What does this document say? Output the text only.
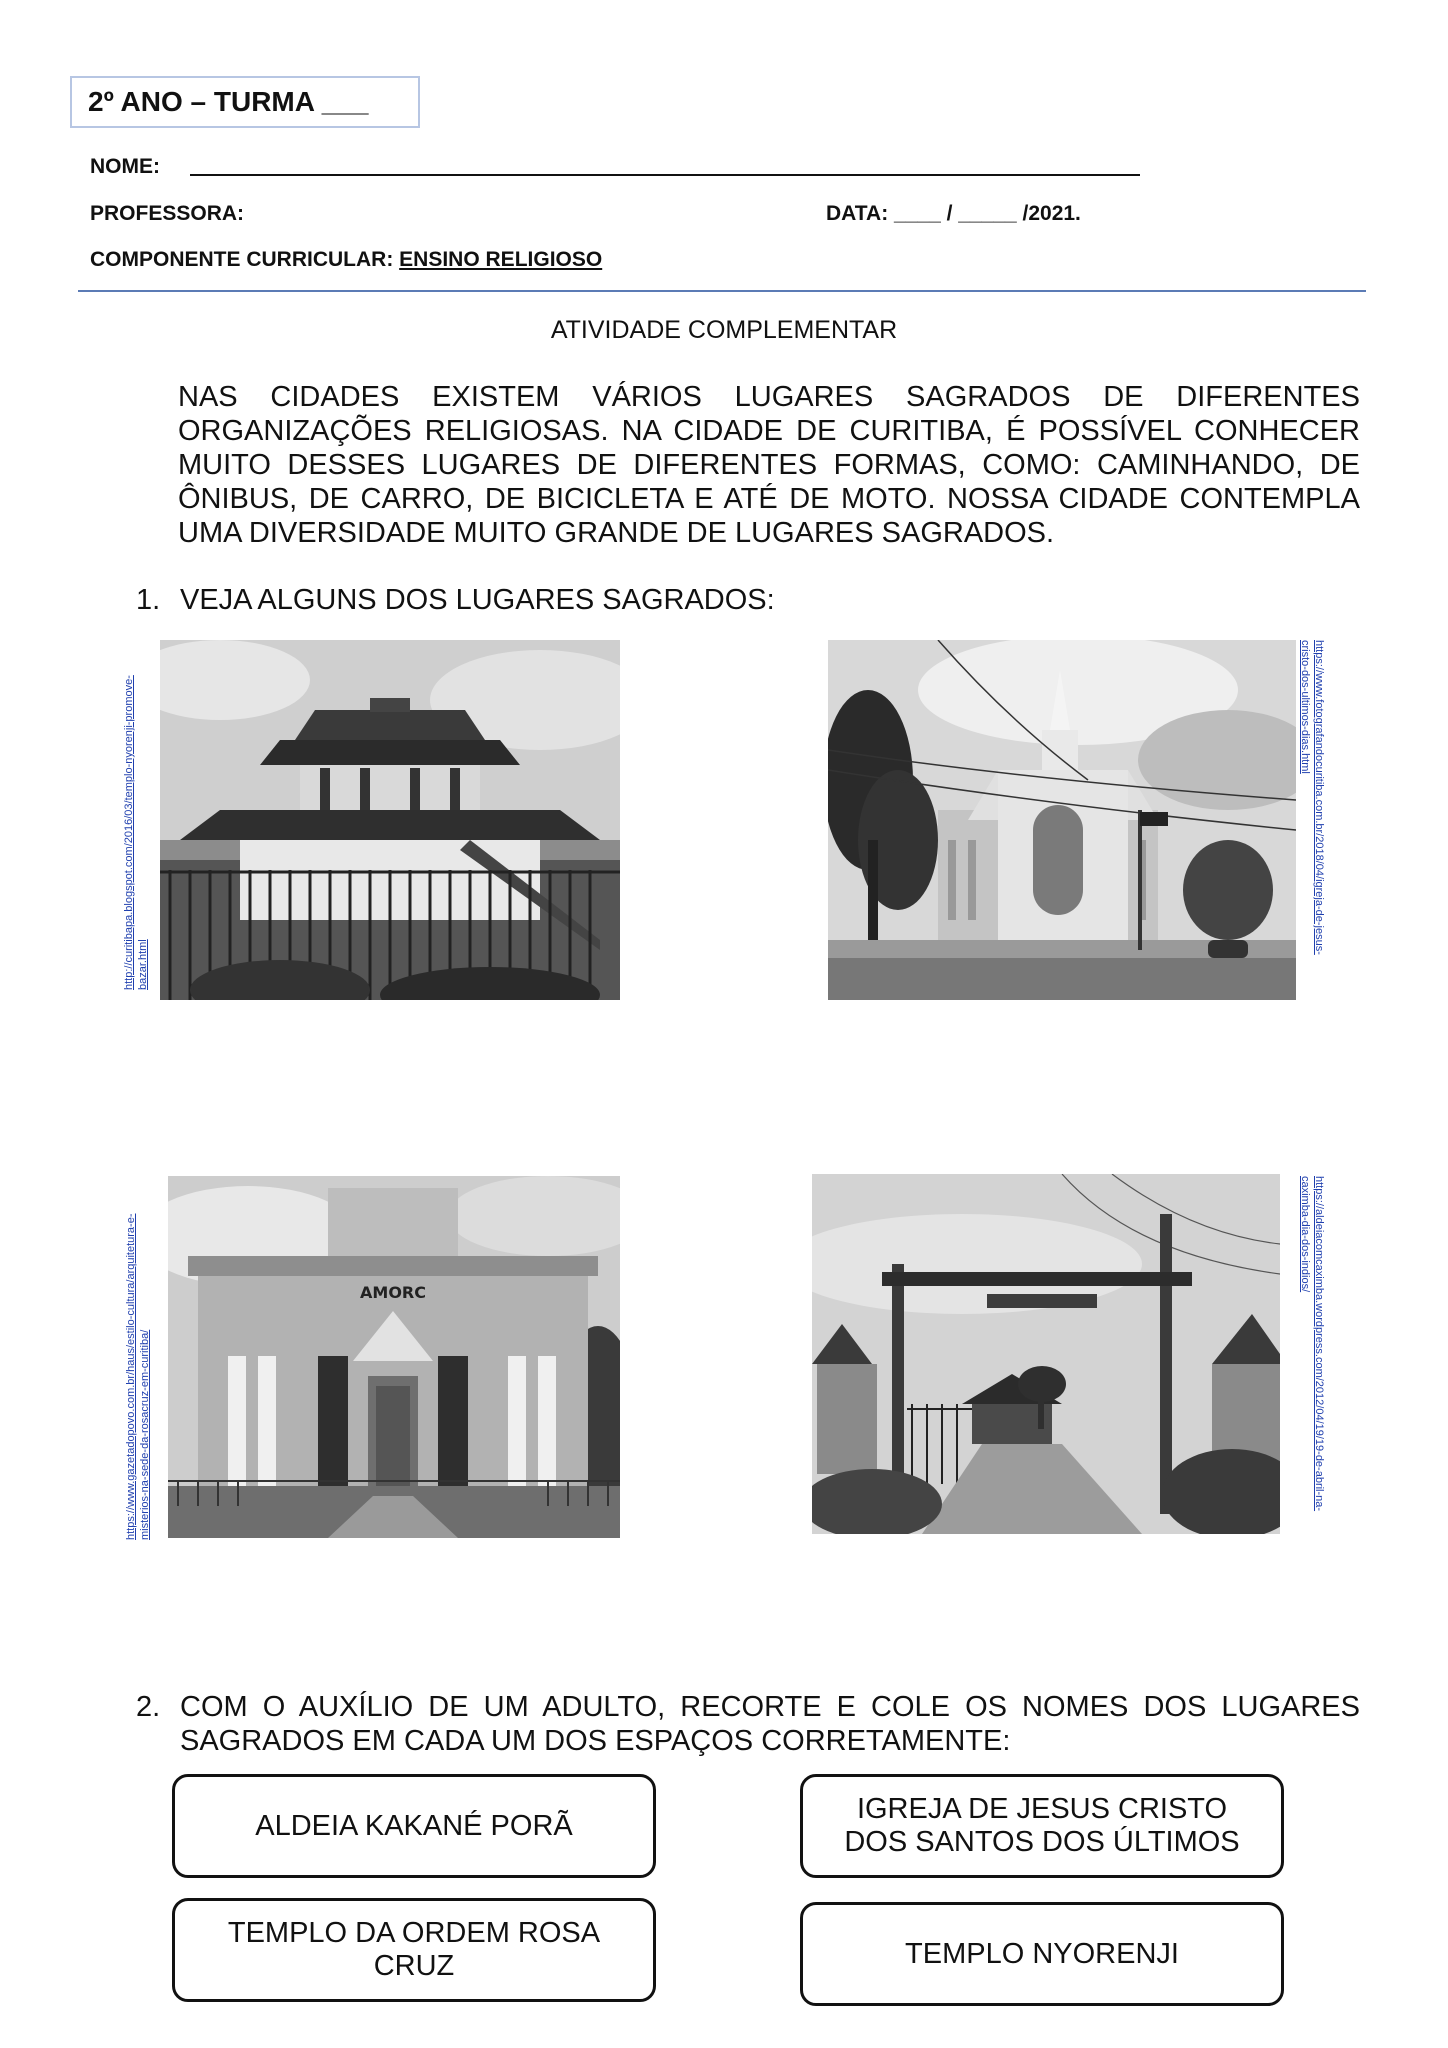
2º ANO – TURMA ___
NOME:
PROFESSORA:	DATA: ____ / _____ /2021.
COMPONENTE CURRICULAR: ENSINO RELIGIOSO
ATIVIDADE COMPLEMENTAR
NAS CIDADES EXISTEM VÁRIOS LUGARES SAGRADOS DE DIFERENTES ORGANIZAÇÕES RELIGIOSAS. NA CIDADE DE CURITIBA, É POSSÍVEL CONHECER MUITO DESSES LUGARES DE DIFERENTES FORMAS, COMO: CAMINHANDO, DE ÔNIBUS, DE CARRO, DE BICICLETA E ATÉ DE MOTO. NOSSA CIDADE CONTEMPLA UMA DIVERSIDADE MUITO GRANDE DE LUGARES SAGRADOS.
1. VEJA ALGUNS DOS LUGARES SAGRADOS:
http://curitibapa.blogspot.com/2016/03/templo-nyorenji-promove-bazar.html
https://www.fotografandocuritiba.com.br/2018/04/igreja-de-jesus-cristo-dos-ultimos-dias.html
https://www.gazetadopovo.com.br/haus/estilo-cultura/arquitetura-e-misterios-na-sede-da-rosacruz-em-curitiba/
AMORC	https://aldeiacomcaximba.wordpress.com/2012/04/19/19-de-abril-na-caximba-dia-dos-indios/
2. COM O AUXÍLIO DE UM ADULTO, RECORTE E COLE OS NOMES DOS LUGARES
SAGRADOS EM CADA UM DOS ESPAÇOS CORRETAMENTE:
ALDEIA KAKANÉ PORÃ
IGREJA DE JESUS CRISTO DOS SANTOS DOS ÚLTIMOS
TEMPLO DA ORDEM ROSA CRUZ	TEMPLO NYORENJI
